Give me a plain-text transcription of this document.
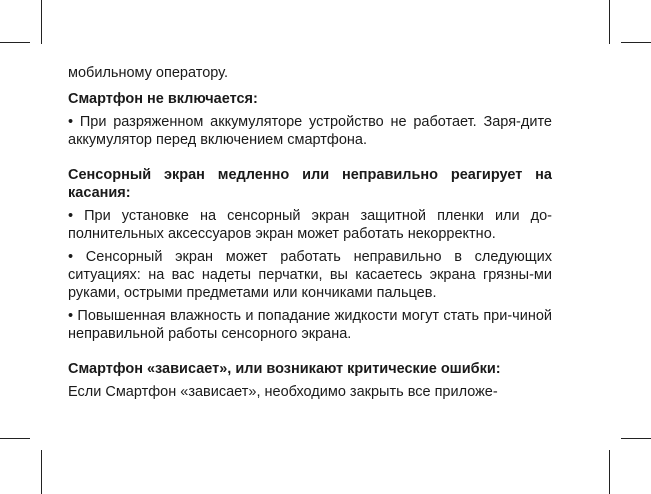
мобильному оператору.

Смартфон не включается:

• При разряженном аккумуляторе устройство не работает. Заря-дите аккумулятор перед включением смартфона.

Сенсорный экран медленно или неправильно реагирует на касания:

• При установке на сенсорный экран защитной пленки или до-полнительных аксессуаров экран может работать некорректно.

• Сенсорный экран может работать неправильно в следующих ситуациях: на вас надеты перчатки, вы касаетесь экрана грязны-ми руками, острыми предметами или кончиками пальцев.

• Повышенная влажность и попадание жидкости могут стать при-чиной неправильной работы сенсорного экрана.

Смартфон «зависает», или возникают критические ошибки:

Если Смартфон «зависает», необходимо закрыть все приложе-
